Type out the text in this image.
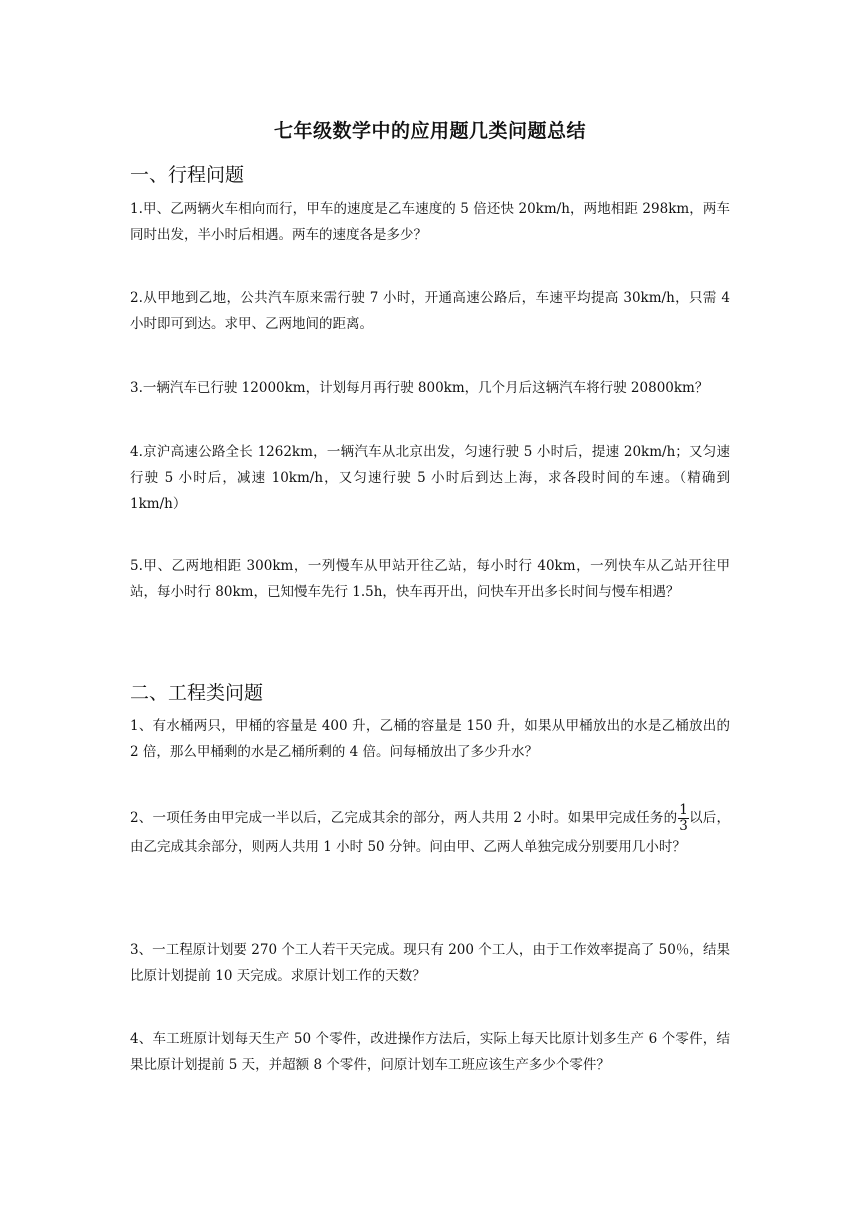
七年级数学中的应用题几类问题总结
一、行程问题

1.甲、乙两辆火车相向而行，甲车的速度是乙车速度的 5 倍还快 20km/h，两地相距 298km，两车同时出发，半小时后相遇。两车的速度各是多少？

2.从甲地到乙地，公共汽车原来需行驶 7 小时，开通高速公路后，车速平均提高 30km/h，只需 4 小时即可到达。求甲、乙两地间的距离。

3.一辆汽车已行驶 12000km，计划每月再行驶 800km，几个月后这辆汽车将行驶 20800km？

4.京沪高速公路全长 1262km，一辆汽车从北京出发，匀速行驶 5 小时后，提速 20km/h；又匀速行驶 5 小时后，减速 10km/h，又匀速行驶 5 小时后到达上海，求各段时间的车速。（精确到 1km/h）

5.甲、乙两地相距 300km，一列慢车从甲站开往乙站，每小时行 40km，一列快车从乙站开往甲站，每小时行 80km，已知慢车先行 1.5h，快车再开出，问快车开出多长时间与慢车相遇？

二、工程类问题

1、有水桶两只，甲桶的容量是 400 升，乙桶的容量是 150 升，如果从甲桶放出的水是乙桶放出的 2 倍，那么甲桶剩的水是乙桶所剩的 4 倍。问每桶放出了多少升水？

2、一项任务由甲完成一半以后，乙完成其余的部分，两人共用 2 小时。如果甲完成任务的 $\frac{1}{3}$ 以后，由乙完成其余部分，则两人共用 1 小时 50 分钟。问由甲、乙两人单独完成分别要用几小时？

3、一工程原计划要 270 个工人若干天完成。现只有 200 个工人，由于工作效率提高了 50％，结果比原计划提前 10 天完成。求原计划工作的天数？

4、车工班原计划每天生产 50 个零件，改进操作方法后，实际上每天比原计划多生产 6 个零件，结果比原计划提前 5 天，并超额 8 个零件，问原计划车工班应该生产多少个零件？
